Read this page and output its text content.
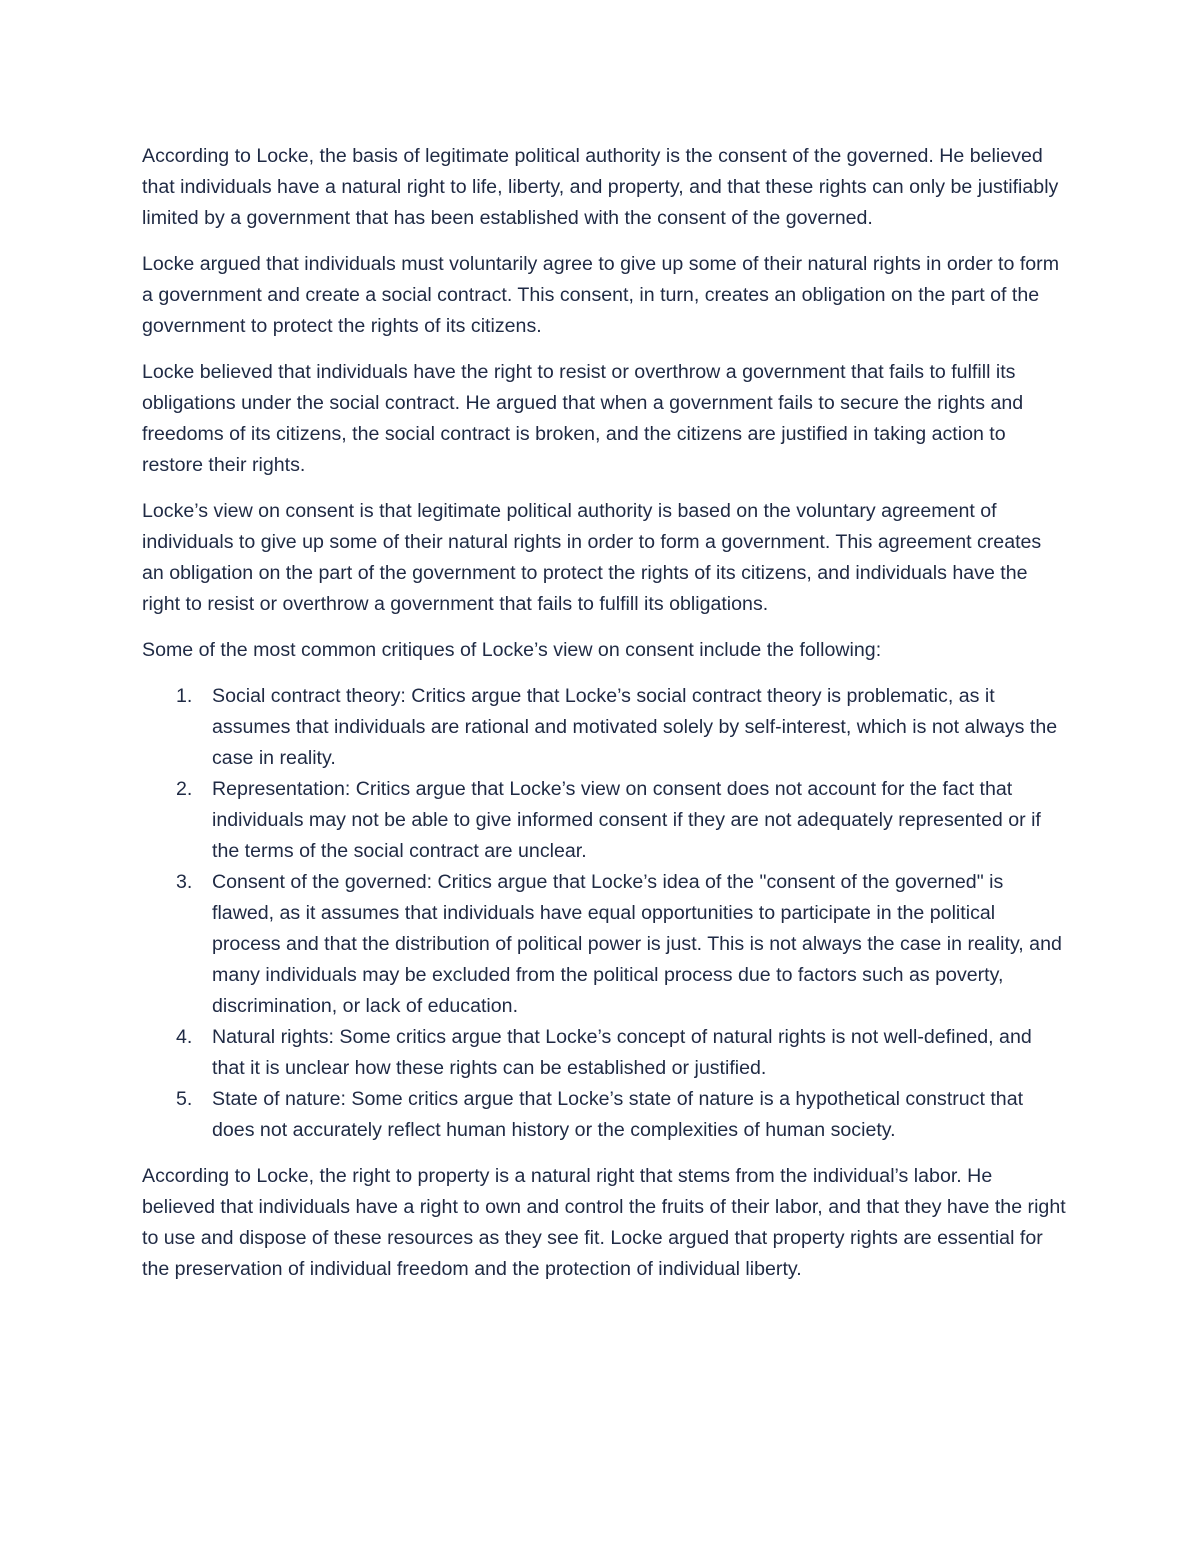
According to Locke, the basis of legitimate political authority is the consent of the governed. He believed that individuals have a natural right to life, liberty, and property, and that these rights can only be justifiably limited by a government that has been established with the consent of the governed.

Locke argued that individuals must voluntarily agree to give up some of their natural rights in order to form a government and create a social contract. This consent, in turn, creates an obligation on the part of the government to protect the rights of its citizens.

Locke believed that individuals have the right to resist or overthrow a government that fails to fulfill its obligations under the social contract. He argued that when a government fails to secure the rights and freedoms of its citizens, the social contract is broken, and the citizens are justified in taking action to restore their rights.

Locke’s view on consent is that legitimate political authority is based on the voluntary agreement of individuals to give up some of their natural rights in order to form a government. This agreement creates an obligation on the part of the government to protect the rights of its citizens, and individuals have the right to resist or overthrow a government that fails to fulfill its obligations.

Some of the most common critiques of Locke’s view on consent include the following:

1. Social contract theory: Critics argue that Locke’s social contract theory is problematic, as it assumes that individuals are rational and motivated solely by self-interest, which is not always the case in reality.
2. Representation: Critics argue that Locke’s view on consent does not account for the fact that individuals may not be able to give informed consent if they are not adequately represented or if the terms of the social contract are unclear.
3. Consent of the governed: Critics argue that Locke’s idea of the "consent of the governed" is flawed, as it assumes that individuals have equal opportunities to participate in the political process and that the distribution of political power is just. This is not always the case in reality, and many individuals may be excluded from the political process due to factors such as poverty, discrimination, or lack of education.
4. Natural rights: Some critics argue that Locke’s concept of natural rights is not well-defined, and that it is unclear how these rights can be established or justified.
5. State of nature: Some critics argue that Locke’s state of nature is a hypothetical construct that does not accurately reflect human history or the complexities of human society.

According to Locke, the right to property is a natural right that stems from the individual’s labor. He believed that individuals have a right to own and control the fruits of their labor, and that they have the right to use and dispose of these resources as they see fit. Locke argued that property rights are essential for the preservation of individual freedom and the protection of individual liberty.
